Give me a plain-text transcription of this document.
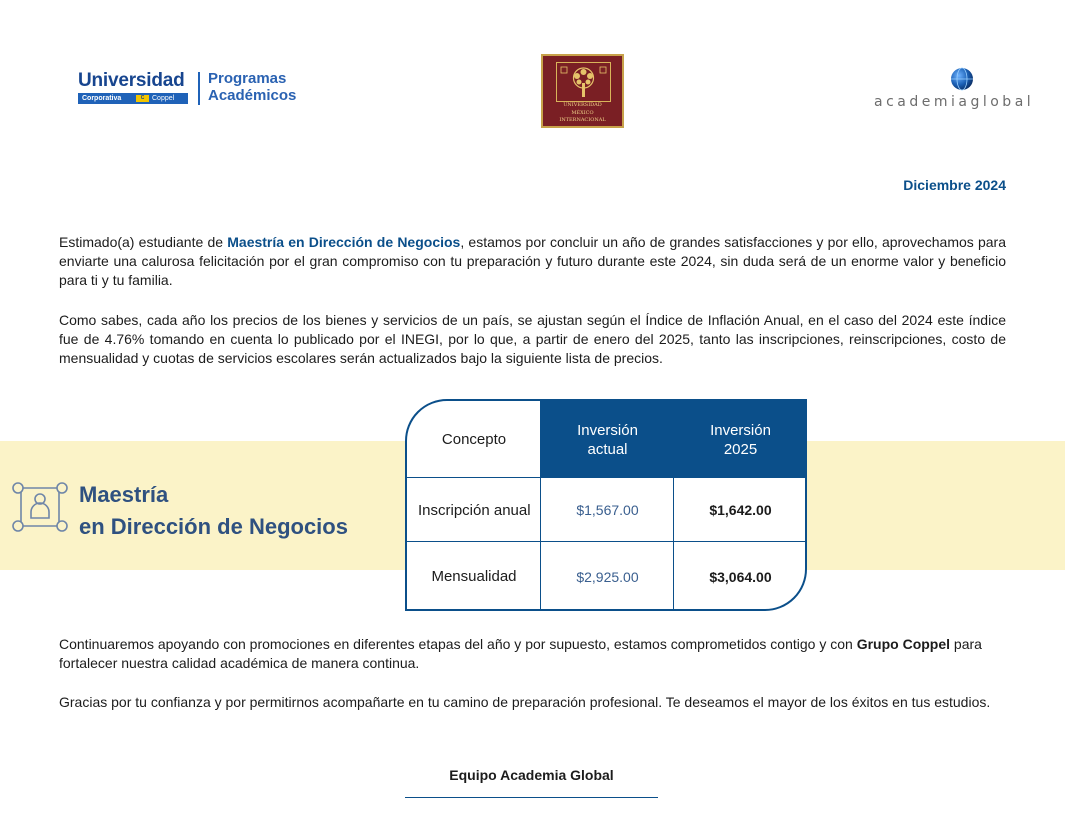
Universidad
Corporativa	C	Coppel
Programas
Académicos
UNIVERSIDAD
MÉXICO
INTERNACIONAL
academiaglobal
Diciembre 2024
Estimado(a) estudiante de Maestría en Dirección de Negocios, estamos por concluir un año de grandes satisfacciones y por ello, aprovechamos para enviarte una calurosa felicitación por el gran compromiso con tu preparación y futuro durante este 2024, sin duda será de un enorme valor y beneficio para ti y tu familia.
Como sabes, cada año los precios de los bienes y servicios de un país, se ajustan según el Índice de Inflación Anual, en el caso del 2024 este índice fue de 4.76% tomando en cuenta lo publicado por el INEGI, por lo que, a partir de enero del 2025, tanto las inscripciones, reinscripciones, costo de mensualidad y cuotas de servicios escolares serán actualizados bajo la siguiente lista de precios.
Maestría
en Dirección de Negocios
Concepto
Inversión actual
Inversión 2025
Inscripción anual	$1,567.00	$1,642.00
Mensualidad	$2,925.00	$3,064.00
Continuaremos apoyando con promociones en diferentes etapas del año y por supuesto, estamos comprometidos contigo y con Grupo Coppel para fortalecer nuestra calidad académica de manera continua.
Gracias por tu confianza y por permitirnos acompañarte en tu camino de preparación profesional. Te deseamos el mayor de los éxitos en tus estudios.
Equipo Academia Global
